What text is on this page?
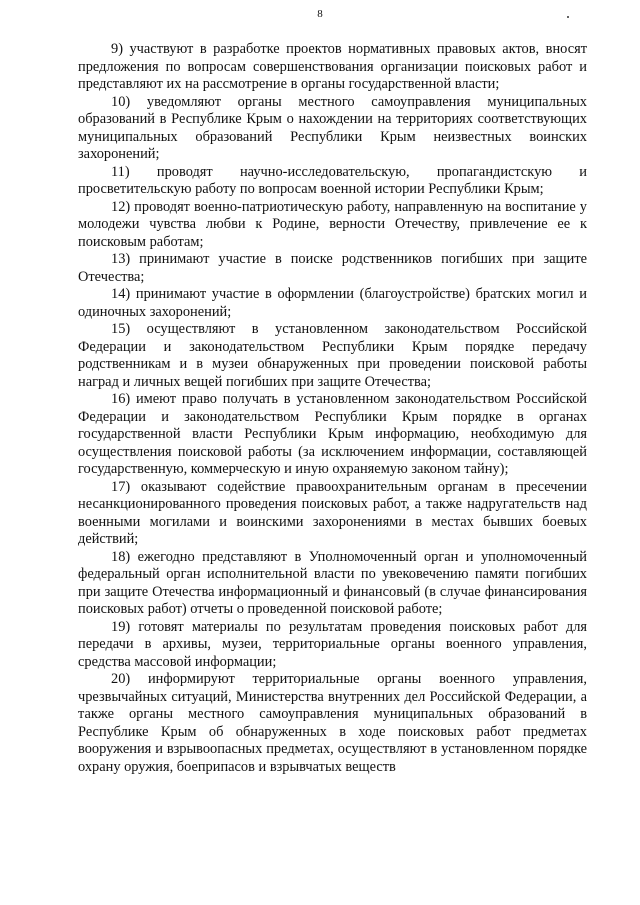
8

9) участвуют в разработке проектов нормативных правовых актов, вносят предложения по вопросам совершенствования организации поисковых работ и представляют их на рассмотрение в органы государственной власти;

10) уведомляют органы местного самоуправления муниципальных образований в Республике Крым о нахождении на территориях соответствующих муниципальных образований Республики Крым неизвестных воинских захоронений;

11) проводят научно-исследовательскую, пропагандистскую и просветительскую работу по вопросам военной истории Республики Крым;

12) проводят военно-патриотическую работу, направленную на воспитание у молодежи чувства любви к Родине, верности Отечеству, привлечение ее к поисковым работам;

13) принимают участие в поиске родственников погибших при защите Отечества;

14) принимают участие в оформлении (благоустройстве) братских могил и одиночных захоронений;

15) осуществляют в установленном законодательством Российской Федерации и законодательством Республики Крым порядке передачу родственникам и в музеи обнаруженных при проведении поисковой работы наград и личных вещей погибших при защите Отечества;

16) имеют право получать в установленном законодательством Российской Федерации и законодательством Республики Крым порядке в органах государственной власти Республики Крым информацию, необходимую для осуществления поисковой работы (за исключением информации, составляющей государственную, коммерческую и иную охраняемую законом тайну);

17) оказывают содействие правоохранительным органам в пресечении несанкционированного проведения поисковых работ, а также надругательств над военными могилами и воинскими захоронениями в местах бывших боевых действий;

18) ежегодно представляют в Уполномоченный орган и уполномоченный федеральный орган исполнительной власти по увековечению памяти погибших при защите Отечества информационный и финансовый (в случае финансирования поисковых работ) отчеты о проведенной поисковой работе;

19) готовят материалы по результатам проведения поисковых работ для передачи в архивы, музеи, территориальные органы военного управления, средства массовой информации;

20) информируют территориальные органы военного управления, чрезвычайных ситуаций, Министерства внутренних дел Российской Федерации, а также органы местного самоуправления муниципальных образований в Республике Крым об обнаруженных в ходе поисковых работ предметах вооружения и взрывоопасных предметах, осуществляют в установленном порядке охрану оружия, боеприпасов и взрывчатых веществ
